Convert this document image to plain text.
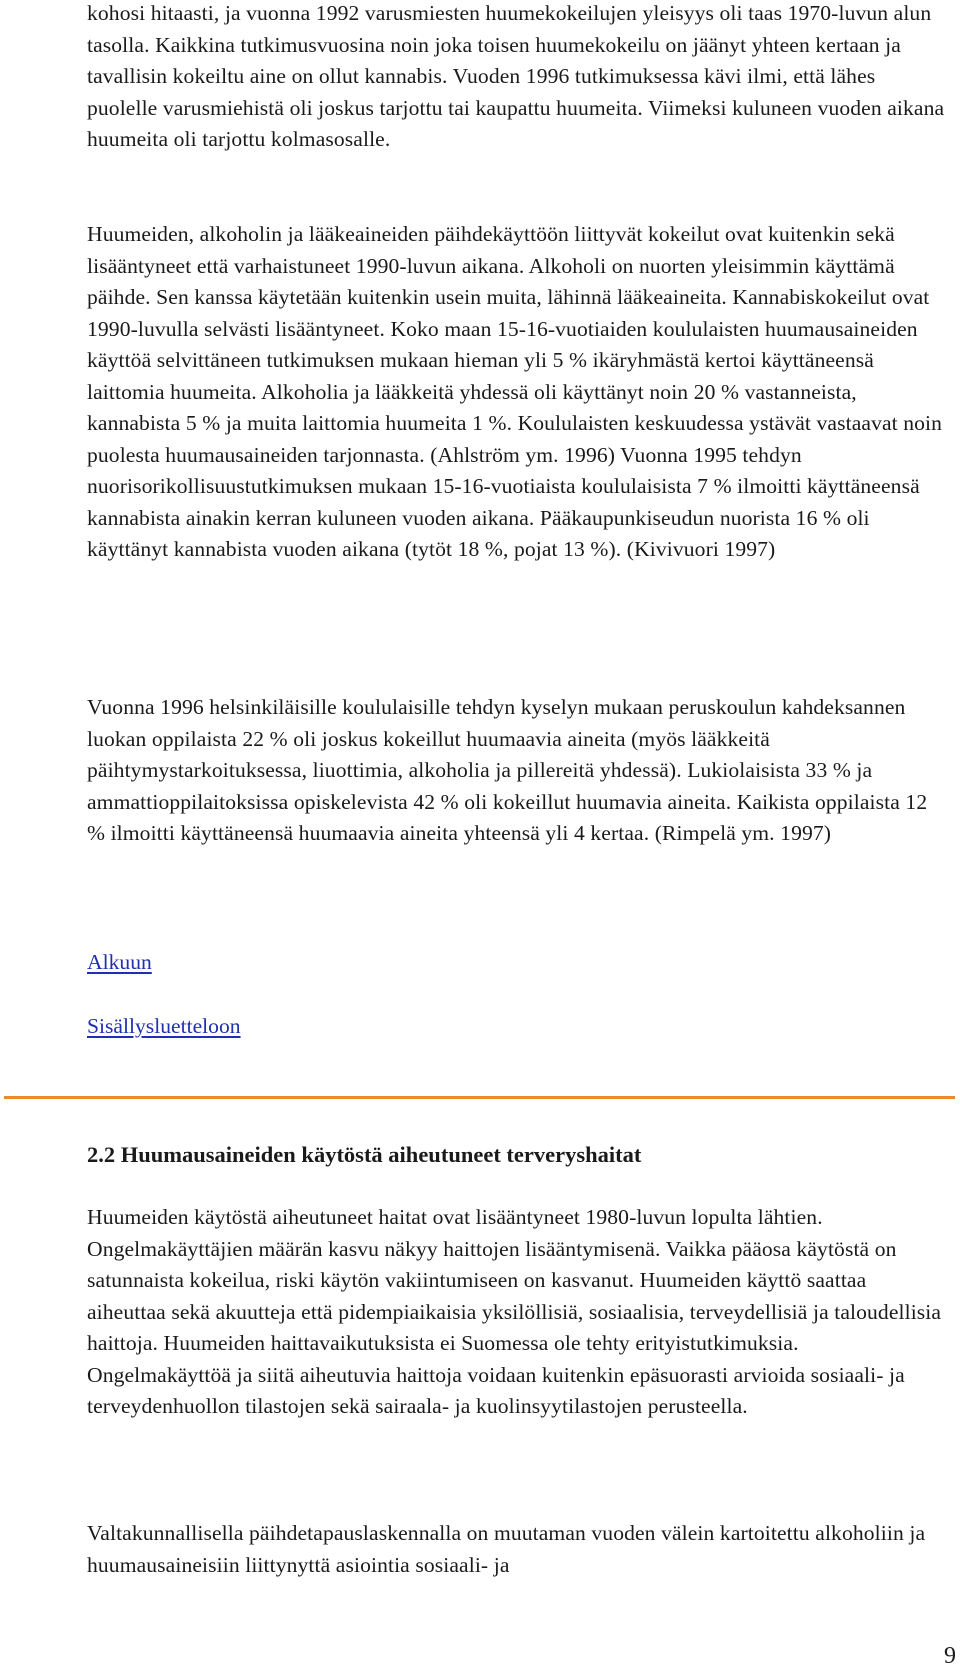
kohosi hitaasti, ja vuonna 1992 varusmiesten huumekokeilujen yleisyys oli taas 1970-luvun alun tasolla. Kaikkina tutkimusvuosina noin joka toisen huumekokeilu on jäänyt yhteen kertaan ja tavallisin kokeiltu aine on ollut kannabis. Vuoden 1996 tutkimuksessa kävi ilmi, että lähes puolelle varusmiehistä oli joskus tarjottu tai kaupattu huumeita. Viimeksi kuluneen vuoden aikana huumeita oli tarjottu kolmasosalle.

Huumeiden, alkoholin ja lääkeaineiden päihdekäyttöön liittyvät kokeilut ovat kuitenkin sekä lisääntyneet että varhaistuneet 1990-luvun aikana. Alkoholi on nuorten yleisimmin käyttämä päihde. Sen kanssa käytetään kuitenkin usein muita, lähinnä lääkeaineita. Kannabiskokeilut ovat 1990-luvulla selvästi lisääntyneet. Koko maan 15-16-vuotiaiden koululaisten huumausaineiden käyttöä selvittäneen tutkimuksen mukaan hieman yli 5 % ikäryhmästä kertoi käyttäneensä laittomia huumeita. Alkoholia ja lääkkeitä yhdessä oli käyttänyt noin 20 % vastanneista, kannabista 5 % ja muita laittomia huumeita 1 %. Koululaisten keskuudessa ystävät vastaavat noin puolesta huumausaineiden tarjonnasta. (Ahlström ym. 1996) Vuonna 1995 tehdyn nuorisorikollisuustutkimuksen mukaan 15-16-vuotiaista koululaisista 7 % ilmoitti käyttäneensä kannabista ainakin kerran kuluneen vuoden aikana. Pääkaupunkiseudun nuorista 16 % oli käyttänyt kannabista vuoden aikana (tytöt 18 %, pojat 13 %). (Kivivuori 1997)

Vuonna 1996 helsinkiläisille koululaisille tehdyn kyselyn mukaan peruskoulun kahdeksannen luokan oppilaista 22 % oli joskus kokeillut huumaavia aineita (myös lääkkeitä päihtymystarkoituksessa, liuottimia, alkoholia ja pillereitä yhdessä). Lukiolaisista 33 % ja ammattioppilaitoksissa opiskelevista 42 % oli kokeillut huumavia aineita. Kaikista oppilaista 12 % ilmoitti käyttäneensä huumaavia aineita yhteensä yli 4 kertaa. (Rimpelä ym. 1997)

Alkuun
Sisällysluetteloon
2.2 Huumausaineiden käytöstä aiheutuneet terveryshaitat

Huumeiden käytöstä aiheutuneet haitat ovat lisääntyneet 1980-luvun lopulta lähtien. Ongelmakäyttäjien määrän kasvu näkyy haittojen lisääntymisenä. Vaikka pääosa käytöstä on satunnaista kokeilua, riski käytön vakiintumiseen on kasvanut. Huumeiden käyttö saattaa aiheuttaa sekä akuutteja että pidempiaikaisia yksilöllisiä, sosiaalisia, terveydellisiä ja taloudellisia haittoja. Huumeiden haittavaikutuksista ei Suomessa ole tehty erityistutkimuksia. Ongelmakäyttöä ja siitä aiheutuvia haittoja voidaan kuitenkin epäsuorasti arvioida sosiaali- ja terveydenhuollon tilastojen sekä sairaala- ja kuolinsyytilastojen perusteella.

Valtakunnallisella päihdetapauslaskennalla on muutaman vuoden välein kartoitettu alkoholiin ja huumausaineisiin liittynyttä asiointia sosiaali- ja

9
